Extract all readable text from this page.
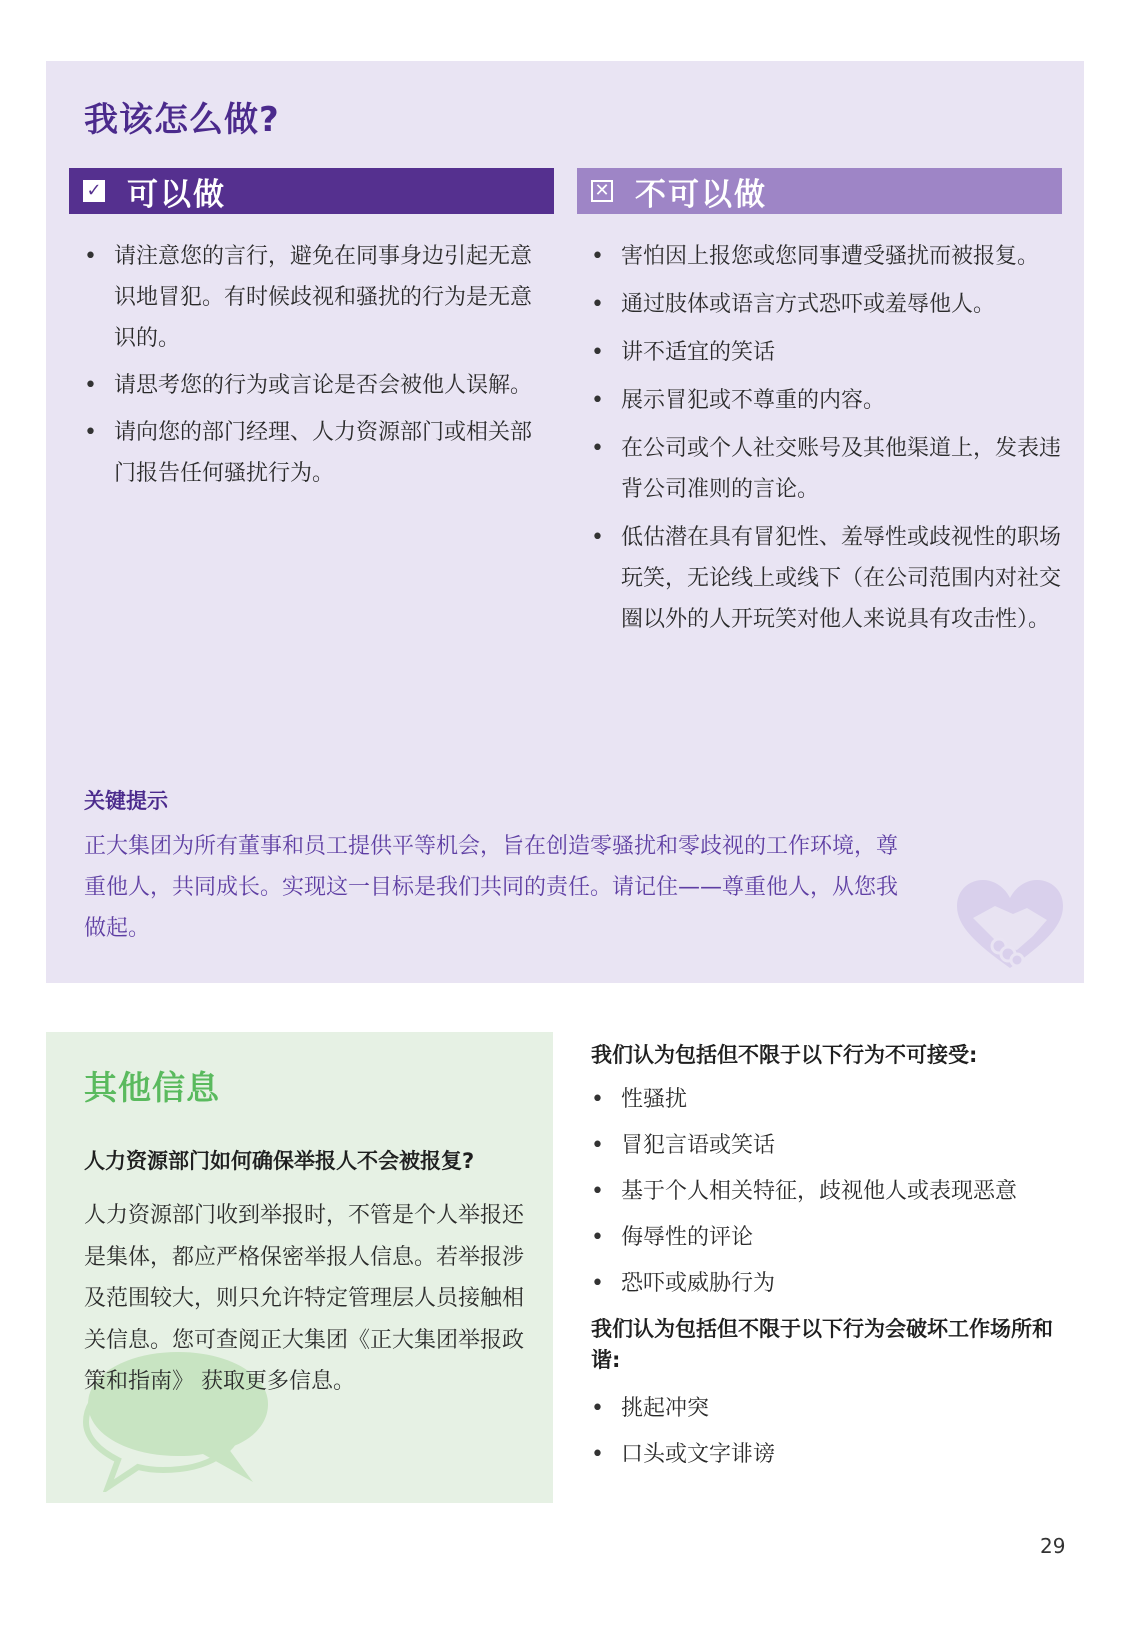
我该怎么做?
✓ 可以做
• 请注意您的言行，避免在同事身边引起无意识地冒犯。有时候歧视和骚扰的行为是无意识的。
• 请思考您的行为或言论是否会被他人误解。
• 请向您的部门经理、人力资源部门或相关部门报告任何骚扰行为。
✕ 不可以做
• 害怕因上报您或您同事遭受骚扰而被报复。
• 通过肢体或语言方式恐吓或羞辱他人。
• 讲不适宜的笑话
• 展示冒犯或不尊重的内容。
• 在公司或个人社交账号及其他渠道上，发表违背公司准则的言论。
• 低估潜在具有冒犯性、羞辱性或歧视性的职场玩笑，无论线上或线下（在公司范围内对社交圈以外的人开玩笑对他人来说具有攻击性）。
关键提示
正大集团为所有董事和员工提供平等机会，旨在创造零骚扰和零歧视的工作环境，尊重他人，共同成长。实现这一目标是我们共同的责任。请记住——尊重他人，从您我做起。
其他信息
人力资源部门如何确保举报人不会被报复?
人力资源部门收到举报时，不管是个人举报还是集体，都应严格保密举报人信息。若举报涉及范围较大，则只允许特定管理层人员接触相关信息。您可查阅正大集团《正大集团举报政策和指南》 获取更多信息。
我们认为包括但不限于以下行为不可接受:
• 性骚扰
• 冒犯言语或笑话
• 基于个人相关特征，歧视他人或表现恶意
• 侮辱性的评论
• 恐吓或威胁行为
我们认为包括但不限于以下行为会破坏工作场所和谐:
• 挑起冲突
• 口头或文字诽谤
29
